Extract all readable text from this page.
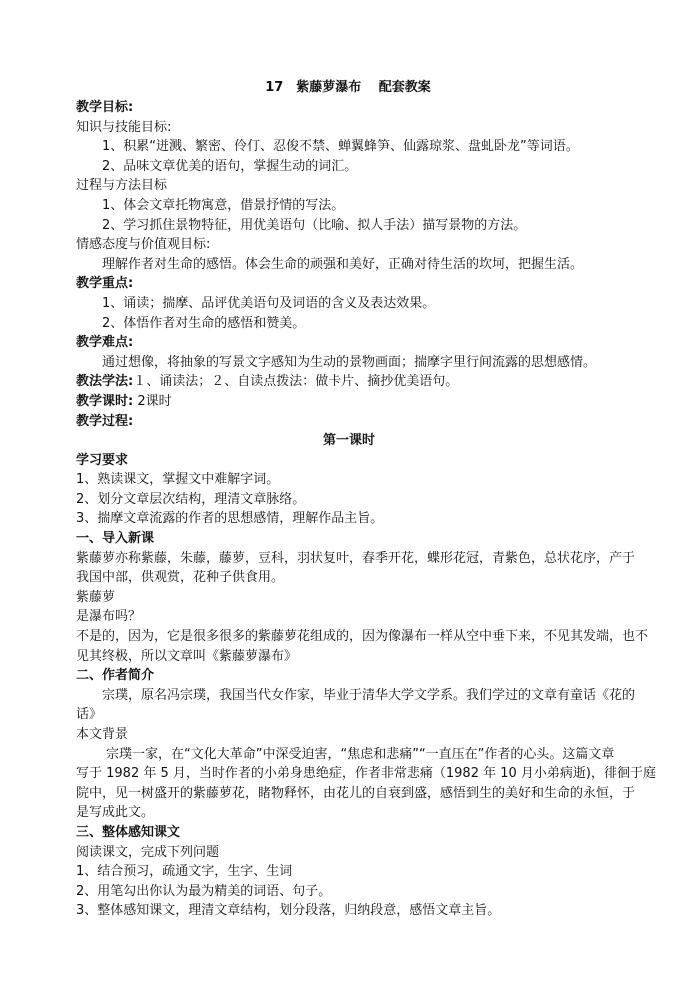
17　紫藤萝瀑布　 配套教案
教学目标:
知识与技能目标:
1、积累“迸溅、繁密、伶仃、忍俊不禁、蝉翼蜂笋、仙露琼浆、盘虬卧龙”等词语。
2、品味文章优美的语句，掌握生动的词汇。
过程与方法目标
1、体会文章托物寓意，借景抒情的写法。
2、学习抓住景物特征，用优美语句（比喻、拟人手法）描写景物的方法。
情感态度与价值观目标:
理解作者对生命的感悟。体会生命的顽强和美好，正确对待生活的坎坷，把握生活。
教学重点:
1、诵读；揣摩、品评优美语句及词语的含义及表达效果。
2、体悟作者对生命的感悟和赞美。
教学难点:
通过想像，将抽象的写景文字感知为生动的景物画面；揣摩字里行间流露的思想感情。
教法学法:１、诵读法；２、自读点拨法：做卡片、摘抄优美语句。
教学课时: 2课时
教学过程:
第一课时
学习要求
1、熟读课文，掌握文中难解字词。
2、划分文章层次结构，理清文章脉络。
3、揣摩文章流露的作者的思想感情，理解作品主旨。
一、导入新课
紫藤萝亦称紫藤，朱藤，藤萝，豆科，羽状复叶，春季开花，蝶形花冠，青紫色，总状花序，产于
我国中部，供观赏，花种子供食用。
紫藤萝
是瀑布吗？
不是的，因为，它是很多很多的紫藤萝花组成的，因为像瀑布一样从空中垂下来，不见其发端，也不
见其终极，所以文章叫《紫藤萝瀑布》
二、作者简介
宗璞，原名冯宗璞，我国当代女作家，毕业于清华大学文学系。我们学过的文章有童话《花的
话》
本文背景
宗璞一家，在“文化大革命”中深受迫害，“焦虑和悲痛”“一直压在”作者的心头。这篇文章
写于 1982 年 5 月，当时作者的小弟身患绝症，作者非常悲痛（1982 年 10 月小弟病逝)，徘徊于庭
院中，见一树盛开的紫藤萝花，睹物释怀，由花儿的自衰到盛，感悟到生的美好和生命的永恒，于
是写成此文。
三、整体感知课文
阅读课文，完成下列问题
1、结合预习，疏通文字，生字、生词
2、用笔勾出你认为最为精美的词语、句子。
3、整体感知课文，理清文章结构，划分段落，归纳段意，感悟文章主旨。
